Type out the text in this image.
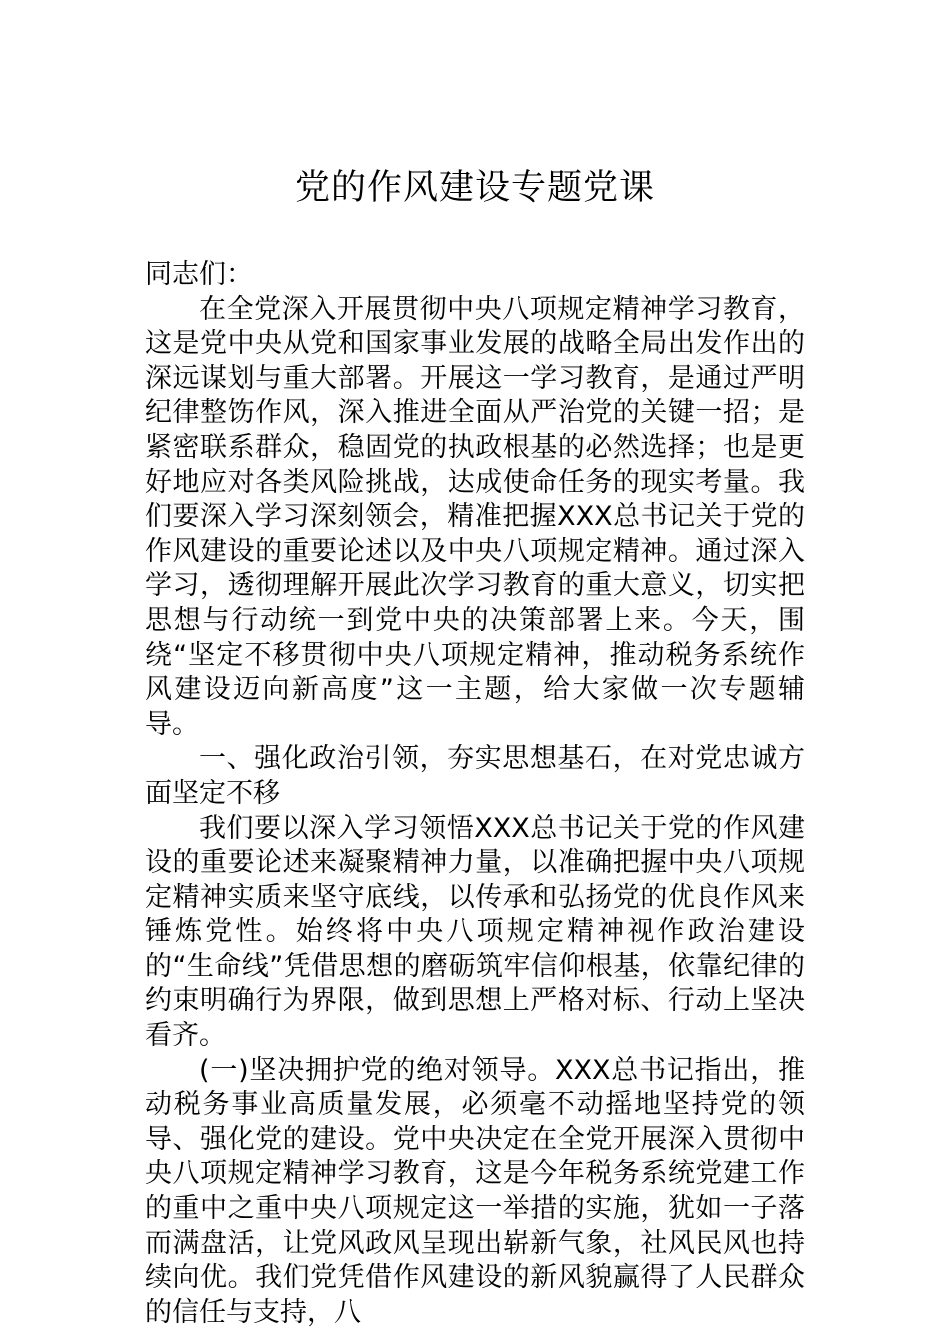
党的作风建设专题党课

同志们：

在全党深入开展贯彻中央八项规定精神学习教育，这是党中央从党和国家事业发展的战略全局出发作出的深远谋划与重大部署。开展这一学习教育，是通过严明纪律整饬作风，深入推进全面从严治党的关键一招；是紧密联系群众，稳固党的执政根基的必然选择；也是更好地应对各类风险挑战，达成使命任务的现实考量。我们要深入学习深刻领会，精准把握XXX总书记关于党的作风建设的重要论述以及中央八项规定精神。通过深入学习，透彻理解开展此次学习教育的重大意义，切实把思想与行动统一到党中央的决策部署上来。今天，围绕“坚定不移贯彻中央八项规定精神，推动税务系统作风建设迈向新高度”这一主题，给大家做一次专题辅导。

一、强化政治引领，夯实思想基石，在对党忠诚方面坚定不移

我们要以深入学习领悟XXX总书记关于党的作风建设的重要论述来凝聚精神力量，以准确把握中央八项规定精神实质来坚守底线，以传承和弘扬党的优良作风来锤炼党性。始终将中央八项规定精神视作政治建设的“生命线”凭借思想的磨砺筑牢信仰根基，依靠纪律的约束明确行为界限，做到思想上严格对标、行动上坚决看齐。

(一)坚决拥护党的绝对领导。XXX总书记指出，推动税务事业高质量发展，必须毫不动摇地坚持党的领导、强化党的建设。党中央决定在全党开展深入贯彻中央八项规定精神学习教育，这是今年税务系统党建工作的重中之重中央八项规定这一举措的实施，犹如一子落而满盘活，让党风政风呈现出崭新气象，社风民风也持续向优。我们党凭借作风建设的新风貌赢得了人民群众的信任与支持，八
